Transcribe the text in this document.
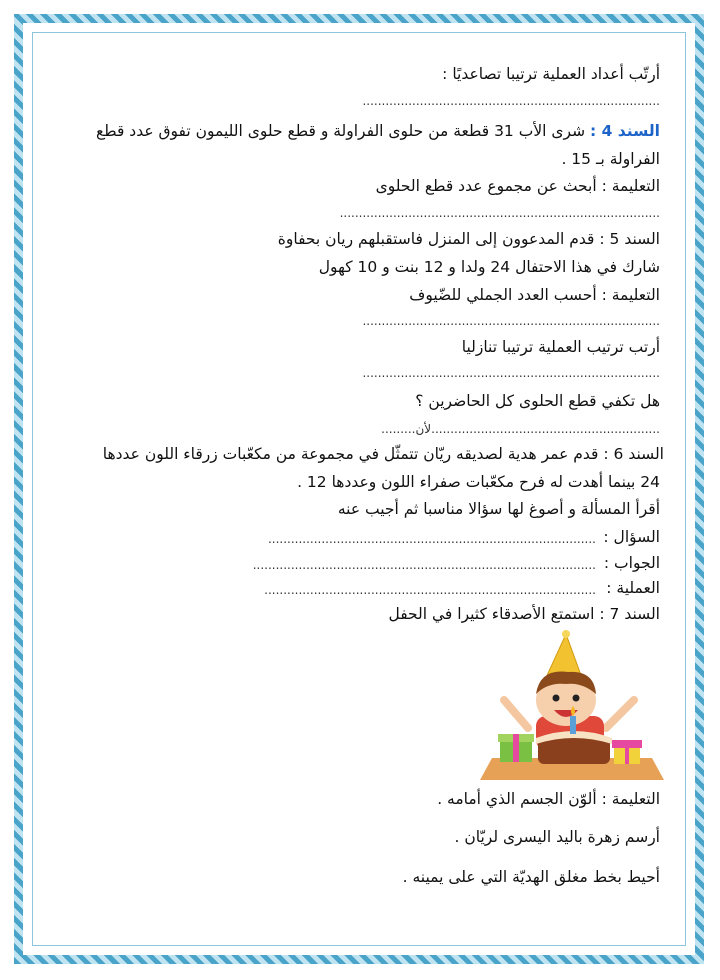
أرتّب أعداد العملية ترتيبا تصاعديًا :
..............................................................................
السند 4 : شرى الأب 31 قطعة من حلوى الفراولة و قطع حلوى الليمون تفوق عدد قطع
الفراولة بـ 15 .
التعليمة : أبحث عن مجموع عدد قطع الحلوى
....................................................................................
السند 5 : قدم المدعوون إلى المنزل فاستقبلهم ريان بحفاوة
شارك في هذا الاحتفال 24 ولدا و 12 بنت و 10 كهول
التعليمة : أحسب العدد الجملي للضّيوف
..............................................................................
أرتب ترتيب العملية ترتيبا تنازليا
..............................................................................
هل تكفي قطع الحلوى كل الحاضرين ؟
............................................................لأن.........
السند 6 : قدم عمر هدية لصديقه ريّان تتمثّل في مجموعة من مكعّبات زرقاء اللون عددها
24 بينما أهدت له فرح مكعّبات صفراء اللون وعددها 12 .
أقرأ المسألة و أصوغ لها سؤالا مناسبا ثم أجيب عنه
السؤال :
......................................................................................
الجواب :
..........................................................................................
العملية :
.......................................................................................
السند 7 : استمتع الأصدقاء كثيرا في الحفل
التعليمة : ألوّن الجسم الذي أمامه .
أرسم زهرة باليد اليسرى لريّان .
أحيط بخط مغلق الهديّة التي على يمينه .
